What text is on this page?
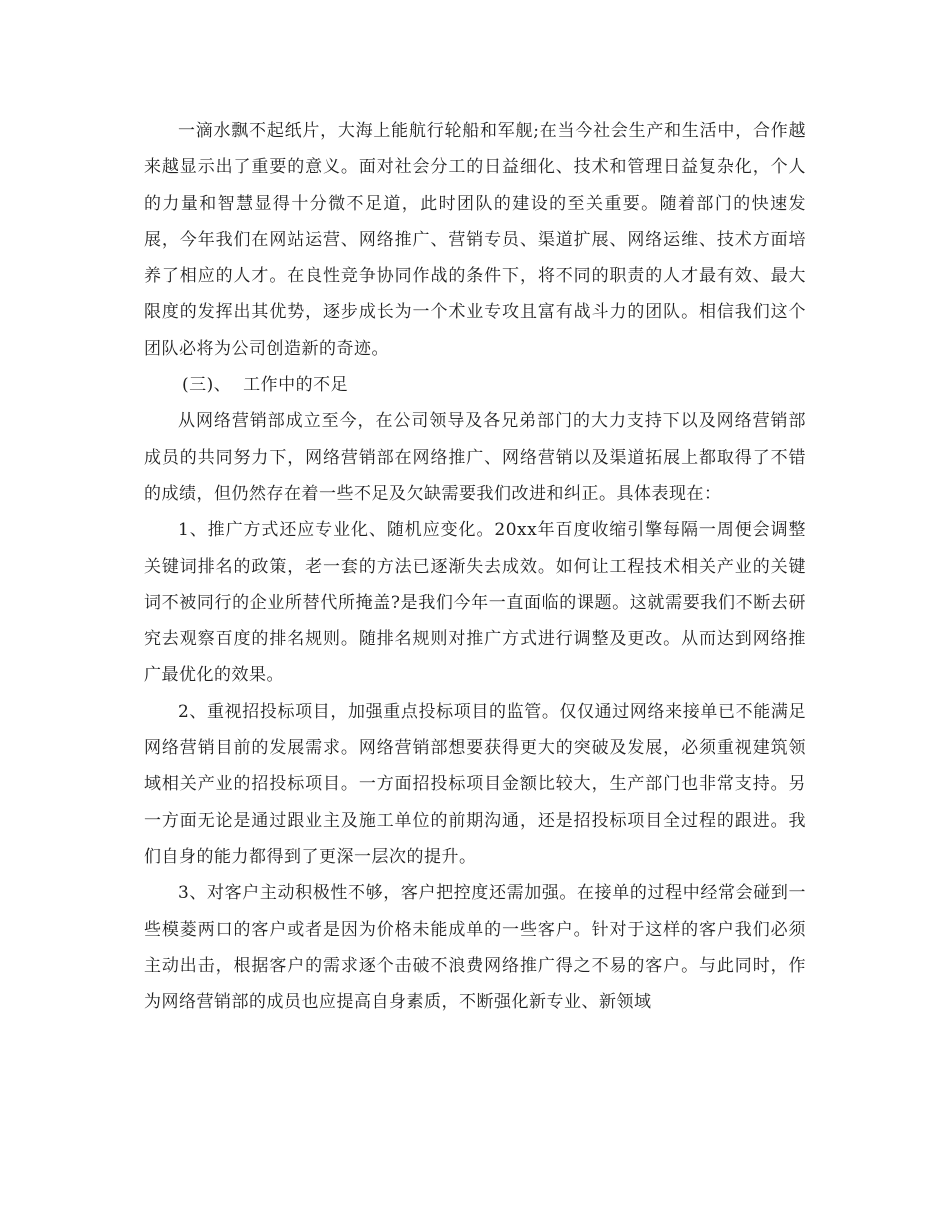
一滴水飘不起纸片，大海上能航行轮船和军舰;在当今社会生产和生活中，合作越来越显示出了重要的意义。面对社会分工的日益细化、技术和管理日益复杂化，个人的力量和智慧显得十分微不足道，此时团队的建设的至关重要。随着部门的快速发展，今年我们在网站运营、网络推广、营销专员、渠道扩展、网络运维、技术方面培养了相应的人才。在良性竞争协同作战的条件下，将不同的职责的人才最有效、最大限度的发挥出其优势，逐步成长为一个术业专攻且富有战斗力的团队。相信我们这个团队必将为公司创造新的奇迹。

(三)、  工作中的不足

从网络营销部成立至今，在公司领导及各兄弟部门的大力支持下以及网络营销部成员的共同努力下，网络营销部在网络推广、网络营销以及渠道拓展上都取得了不错的成绩，但仍然存在着一些不足及欠缺需要我们改进和纠正。具体表现在：

1、推广方式还应专业化、随机应变化。20xx年百度收缩引擎每隔一周便会调整关键词排名的政策，老一套的方法已逐渐失去成效。如何让工程技术相关产业的关键词不被同行的企业所替代所掩盖?是我们今年一直面临的课题。这就需要我们不断去研究去观察百度的排名规则。随排名规则对推广方式进行调整及更改。从而达到网络推广最优化的效果。

2、重视招投标项目，加强重点投标项目的监管。仅仅通过网络来接单已不能满足网络营销目前的发展需求。网络营销部想要获得更大的突破及发展，必须重视建筑领域相关产业的招投标项目。一方面招投标项目金额比较大，生产部门也非常支持。另一方面无论是通过跟业主及施工单位的前期沟通，还是招投标项目全过程的跟进。我们自身的能力都得到了更深一层次的提升。

3、对客户主动积极性不够，客户把控度还需加强。在接单的过程中经常会碰到一些模菱两口的客户或者是因为价格未能成单的一些客户。针对于这样的客户我们必须主动出击，根据客户的需求逐个击破不浪费网络推广得之不易的客户。与此同时，作为网络营销部的成员也应提高自身素质，不断强化新专业、新领域
